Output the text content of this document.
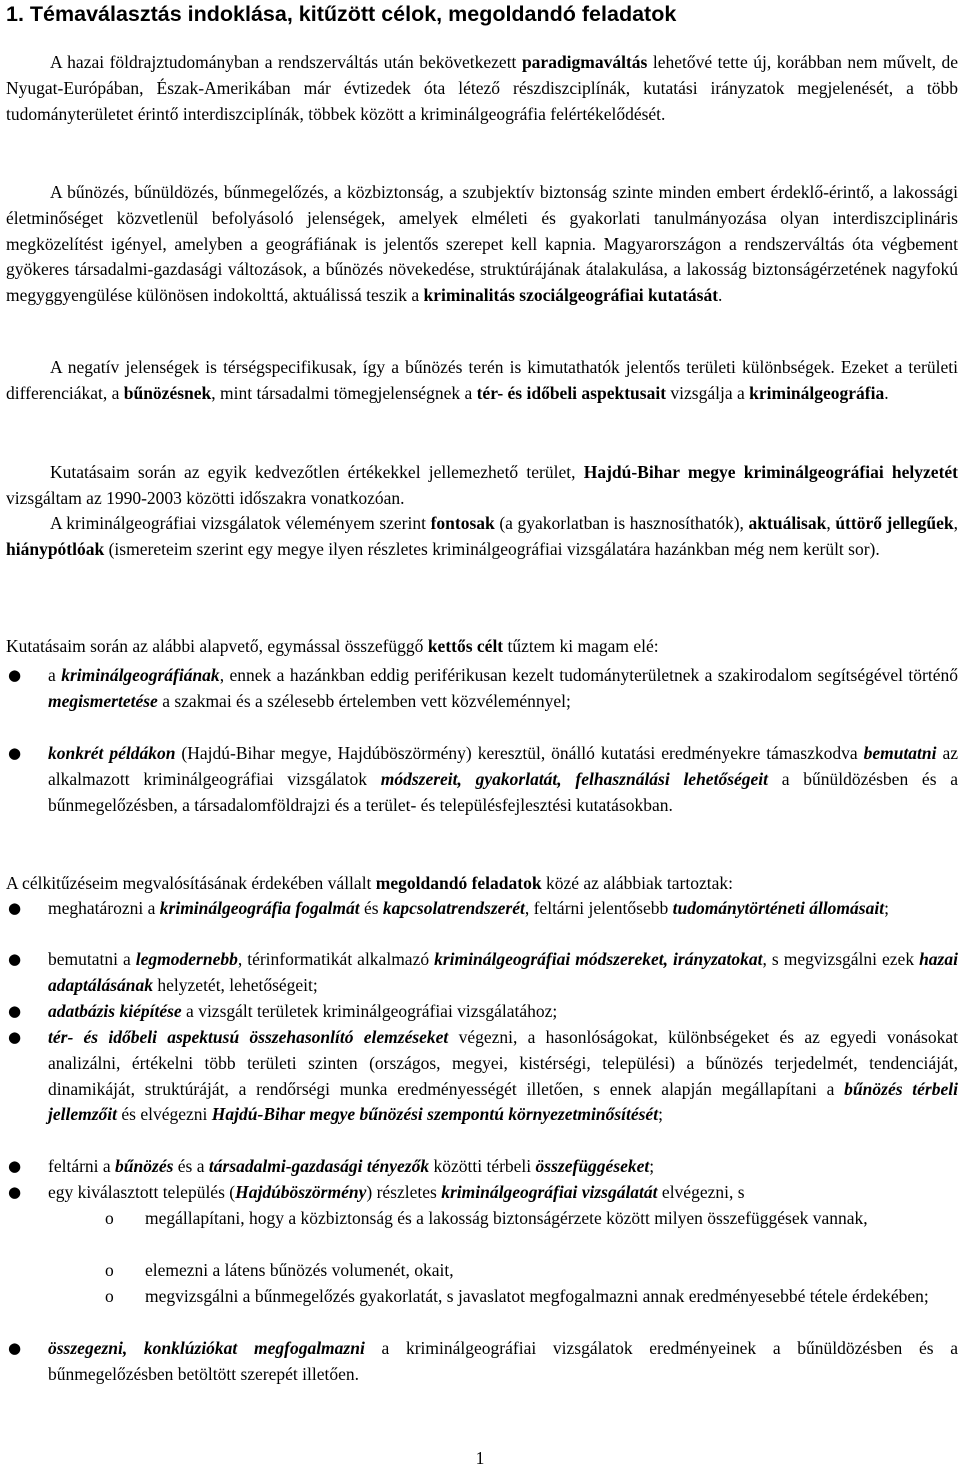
1. Témaválasztás indoklása, kitűzött célok, megoldandó feladatok

A hazai földrajztudományban a rendszerváltás után bekövetkezett paradigmaváltás lehetővé tette új, korábban nem művelt, de Nyugat-Európában, Észak-Amerikában már évtizedek óta létező részdiszciplínák, kutatási irányzatok megjelenését, a több tudományterületet érintő interdiszciplínák, többek között a kriminálgeográfia felértékelődését.

A bűnözés, bűnüldözés, bűnmegelőzés, a közbiztonság, a szubjektív biztonság szinte minden embert érdeklő-érintő, a lakossági életminőséget közvetlenül befolyásoló jelenségek, amelyek elméleti és gyakorlati tanulmányozása olyan interdiszciplináris megközelítést igényel, amelyben a geográfiának is jelentős szerepet kell kapnia. Magyarországon a rendszerváltás óta végbement gyökeres társadalmi-gazdasági változások, a bűnözés növekedése, struktúrájának átalakulása, a lakosság biztonságérzetének nagyfokú megyggyengülése különösen indokolttá, aktuálissá teszik a kriminalitás szociálgeográfiai kutatását.

A negatív jelenségek is térségspecifikusak, így a bűnözés terén is kimutathatók jelentős területi különbségek. Ezeket a területi differenciákat, a bűnözésnek, mint társadalmi tömegjelenségnek a tér- és időbeli aspektusait vizsgálja a kriminálgeográfia.

Kutatásaim során az egyik kedvezőtlen értékekkel jellemezhető terület, Hajdú-Bihar megye kriminálgeográfiai helyzetét vizsgáltam az 1990-2003 közötti időszakra vonatkozóan.

A kriminálgeográfiai vizsgálatok véleményem szerint fontosak (a gyakorlatban is hasznosíthatók), aktuálisak, úttörő jellegűek, hiánypótlóak (ismereteim szerint egy megye ilyen részletes kriminálgeográfiai vizsgálatára hazánkban még nem került sor).

Kutatásaim során az alábbi alapvető, egymással összefüggő kettős célt tűztem ki magam elé:

● a kriminálgeográfiának, ennek a hazánkban eddig periférikusan kezelt tudományterületnek a szakirodalom segítségével történő megismertetése a szakmai és a szélesebb értelemben vett közvéleménnyel;
● konkrét példákon (Hajdú-Bihar megye, Hajdúböszörmény) keresztül, önálló kutatási eredményekre támaszkodva bemutatni az alkalmazott kriminálgeográfiai vizsgálatok módszereit, gyakorlatát, felhasználási lehetőségeit a bűnüldözésben és a bűnmegelőzésben, a társadalomföldrajzi és a terület- és településfejlesztési kutatásokban.

A célkitűzéseim megvalósításának érdekében vállalt megoldandó feladatok közé az alábbiak tartoztak:

● meghatározni a kriminálgeográfia fogalmát és kapcsolatrendszerét, feltárni jelentősebb tudománytörténeti állomásait;
● bemutatni a legmodernebb, térinformatikát alkalmazó kriminálgeográfiai módszereket, irányzatokat, s megvizsgálni ezek hazai adaptálásának helyzetét, lehetőségeit;
● adatbázis kiépítése a vizsgált területek kriminálgeográfiai vizsgálatához;
● tér- és időbeli aspektusú összehasonlító elemzéseket végezni, a hasonlóságokat, különbségeket és az egyedi vonásokat analizálni, értékelni több területi szinten (országos, megyei, kistérségi, települési) a bűnözés terjedelmét, tendenciáját, dinamikáját, struktúráját, a rendőrségi munka eredményességét illetően, s ennek alapján megállapítani a bűnözés térbeli jellemzőit és elvégezni Hajdú-Bihar megye bűnözési szempontú környezetminősítését;
● feltárni a bűnözés és a társadalmi-gazdasági tényezők közötti térbeli összefüggéseket;
● egy kiválasztott település (Hajdúböszörmény) részletes kriminálgeográfiai vizsgálatát elvégezni, s
o megállapítani, hogy a közbiztonság és a lakosság biztonságérzete között milyen összefüggések vannak,
o elemezni a látens bűnözés volumenét, okait,
o megvizsgálni a bűnmegelőzés gyakorlatát, s javaslatot megfogalmazni annak eredményesebbé tétele érdekében;
● összegezni, konklúziókat megfogalmazni a kriminálgeográfiai vizsgálatok eredményeinek a bűnüldözésben és a bűnmegelőzésben betöltött szerepét illetően.

1
